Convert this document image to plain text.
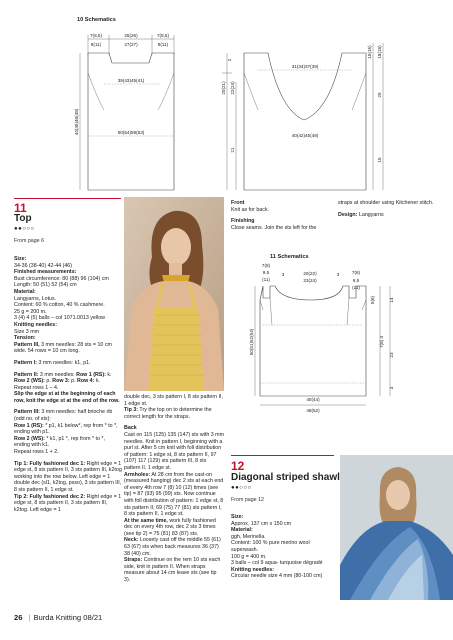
10 Schematics
7(8,5)
9(11)
25(26)
27(27)
7(8,5)
9(11)
39(43)45(41)
50(54)59(63)
44(45)46(48)
2
20(21) 22(24)
21
31(34)37(39)
40(42)45(48)
15(15) 18(18)
25
15
11
Top
●●○○○
From page 6

Size:
34-36 (38-40) 42-44 (46)
Finished measurements:
Bust circumference: 80 (88) 96 (104) cm
Length: 50 (51) 52 (54) cm
Material:
Langyarns, Lotus.
Content: 60 % cotton, 40 % cashmere.
25 g = 200 m.
3 (4) 4 (5) balls – col 1071.0013 yellow
Knitting needles:
Size 3 mm
Tension:
Pattern III, 3 mm needles: 28 sts = 10 cm wide. 54 rows = 10 cm long.

Pattern I: 3 mm needles: k1, p1.

Pattern II: 3 mm needles: Row 1 (RS): k. Row 2 (WS): p. Row 3: p. Row 4: k.
Repeat rows 1 – 4.
Slip the edge st at the beginning of each row, knit the edge st at the end of the row.

Pattern III: 3 mm needles: half brioche rib (odd no. of sts):
Row 1 (RS): * p1, k1 below*, rep from * to *, ending with p1.
Row 2 (WS): * k1, p1 *, rep from * to *, ending with k1.
Repeat rows 1 + 2.

Tip 1: Fully fashioned dec 1: Right edge = 1 edge st, 8 sts pattern II, 3 sts pattern III, k2tog working into the row below. Left edge = 1 double dec (sl1, k2tog, psso), 3 sts pattern III, 8 sts pattern II, 1 edge st.
Tip 2: Fully fashioned dec 2: Right edge = 1 edge st, 8 sts pattern II, 3 sts pattern III, k2tog. Left edge = 1

double dec, 3 sts pattern I, 8 sts pattern II, 1 edge st.
Tip 3: Try the top on to determine the correct length for the straps.

Back
Cast on 115 (125) 135 (147) sts with 3 mm needles. Knit in pattern I, beginning with a purl st. After 5 cm knit with foll distribution of pattern: 1 edge st, 8 sts pattern II, 97 (107) 117 (129) sts pattern III, 8 sts pattern II, 1 edge st.
Armholes: At 28 cm from the cast-on (measured hanging) dec 2 sts at each end of every 4th row 7 (8) 10 (12) times (see tip) = 87 (93) 95 (99) sts. Now continue with foll distribution of pattern: 1 edge st, 8 sts pattern II, 69 (75) 77 (81) sts pattern I, 8 sts pattern II, 1 edge st.
At the same time, work fully fashioned dec on every 4th row, dec 2 sts 3 times (see tip 2) = 75 (81) 83 (87) sts.
Neck: Loosely cast off the middle 55 (61) 63 (67) sts when back measures 36 (37) 38 (40) cm.
Straps: Continue on the rem 10 sts each side, knit in pattern II. When straps measure about 14 cm leave sts (see tip 3).

Front
Knit as for back.

Finishing
Close seams. Join the sts left for the

straps at shoulder using Kitchener stitch.

Design: Langyarns

11 Schematics
7(8)
9,5
(11)
3	20(22)
23(24)
3	7(8)
9,5
(11)
50(51)52(54)
5(6)
7(8) 3
14
23
3
40(44)
48(52)
12
Diagonal striped shawl
●●○○○
From page 12

Size:
Approx. 137 cm x 150 cm
Material:
ggh, Merinella.
Content: 100 % pure merino wool superwash.
100 g = 400 m.
3 balls – col 9 aqua- turquoise dégradé
Knitting needles:
Circular needle size 4 mm (80-100 cm)

26 | Burda Knitting 08/21
